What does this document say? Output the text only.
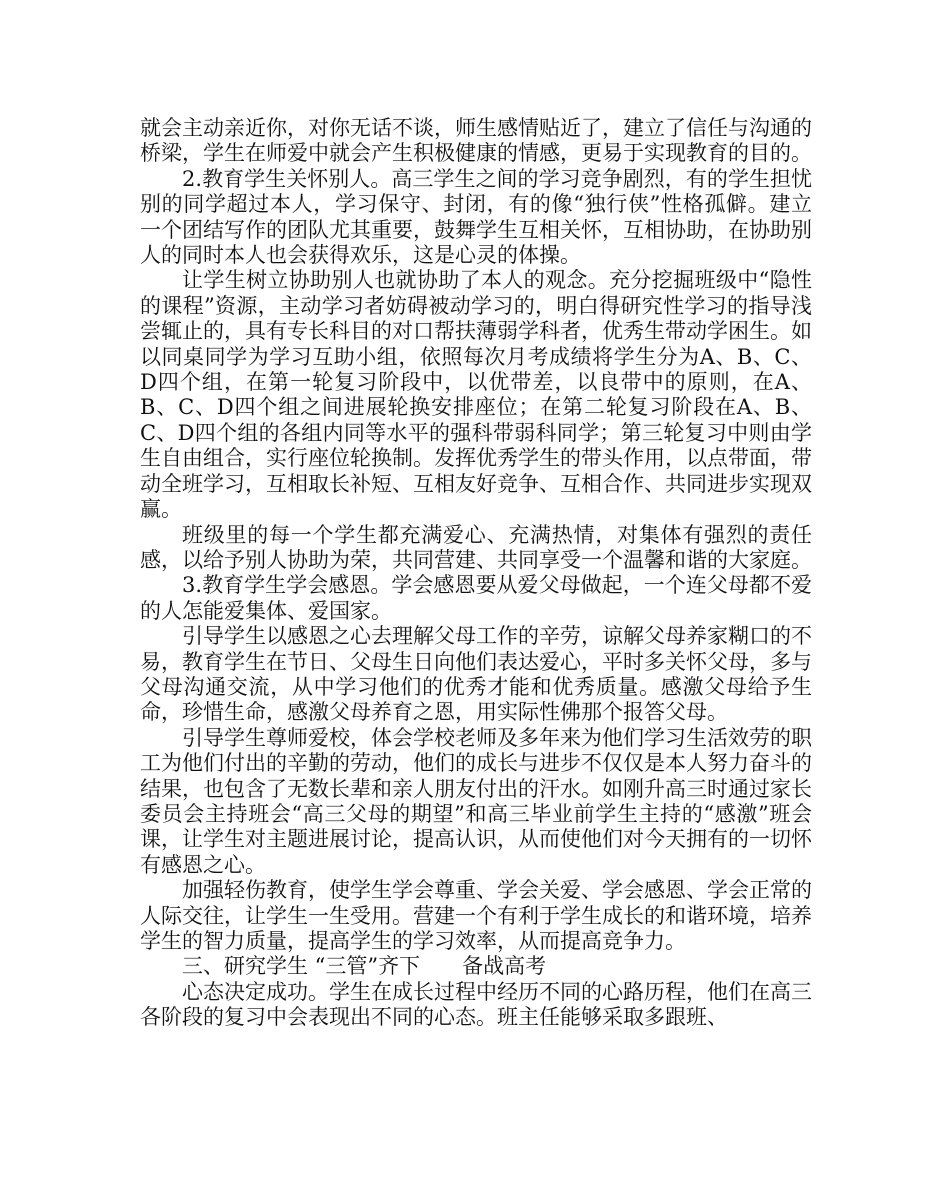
就会主动亲近你，对你无话不谈，师生感情贴近了，建立了信任与沟通的桥梁，学生在师爱中就会产生积极健康的情感，更易于实现教育的目的。

2.教育学生关怀别人。高三学生之间的学习竞争剧烈，有的学生担忧别的同学超过本人，学习保守、封闭，有的像“独行侠”性格孤僻。建立一个团结写作的团队尤其重要，鼓舞学生互相关怀，互相协助，在协助别人的同时本人也会获得欢乐，这是心灵的体操。

让学生树立协助别人也就协助了本人的观念。充分挖掘班级中“隐性的课程”资源，主动学习者妨碍被动学习的，明白得研究性学习的指导浅尝辄止的，具有专长科目的对口帮扶薄弱学科者，优秀生带动学困生。如以同桌同学为学习互助小组，依照每次月考成绩将学生分为A、B、C、D四个组，在第一轮复习阶段中，以优带差，以良带中的原则，在A、B、C、D四个组之间进展轮换安排座位；在第二轮复习阶段在A、B、C、D四个组的各组内同等水平的强科带弱科同学；第三轮复习中则由学生自由组合，实行座位轮换制。发挥优秀学生的带头作用，以点带面，带动全班学习，互相取长补短、互相友好竞争、互相合作、共同进步实现双赢。

班级里的每一个学生都充满爱心、充满热情，对集体有强烈的责任感，以给予别人协助为荣，共同营建、共同享受一个温馨和谐的大家庭。

3.教育学生学会感恩。学会感恩要从爱父母做起，一个连父母都不爱的人怎能爱集体、爱国家。

引导学生以感恩之心去理解父母工作的辛劳，谅解父母养家糊口的不易，教育学生在节日、父母生日向他们表达爱心，平时多关怀父母，多与父母沟通交流，从中学习他们的优秀才能和优秀质量。感激父母给予生命，珍惜生命，感激父母养育之恩，用实际性佛那个报答父母。

引导学生尊师爱校，体会学校老师及多年来为他们学习生活效劳的职工为他们付出的辛勤的劳动，他们的成长与进步不仅仅是本人努力奋斗的结果，也包含了无数长辈和亲人朋友付出的汗水。如刚升高三时通过家长委员会主持班会“高三父母的期望”和高三毕业前学生主持的“感激”班会课，让学生对主题进展讨论，提高认识，从而使他们对今天拥有的一切怀有感恩之心。

加强轻伤教育，使学生学会尊重、学会关爱、学会感恩、学会正常的人际交往，让学生一生受用。营建一个有利于学生成长的和谐环境，培养学生的智力质量，提高学生的学习效率，从而提高竞争力。

三、研究学生 “三管”齐下　　备战高考

心态决定成功。学生在成长过程中经历不同的心路历程，他们在高三各阶段的复习中会表现出不同的心态。班主任能够采取多跟班、
